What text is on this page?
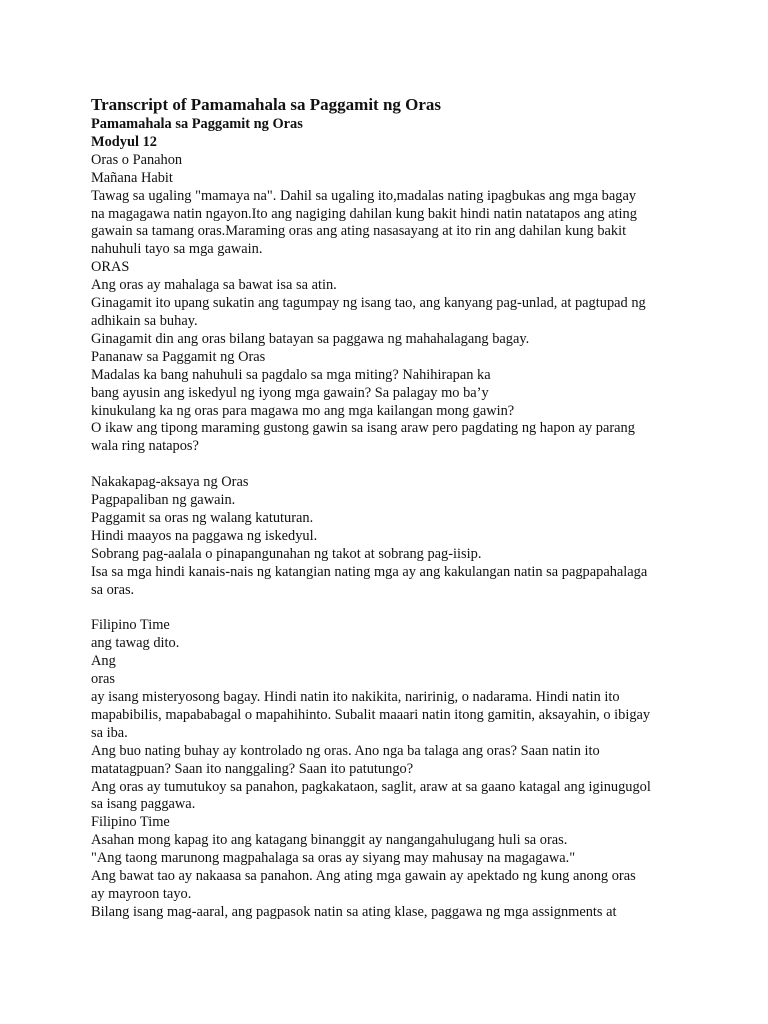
Transcript of Pamamahala sa Paggamit ng Oras
Pamamahala sa Paggamit ng Oras
Modyul 12
Oras o Panahon
Mañana Habit
Tawag sa ugaling "mamaya na". Dahil sa ugaling ito,madalas nating ipagbukas ang mga bagay
na magagawa natin ngayon.Ito ang nagiging dahilan kung bakit hindi natin natatapos ang ating
gawain sa tamang oras.Maraming oras ang ating nasasayang at ito rin ang dahilan kung bakit
nahuhuli tayo sa mga gawain.
ORAS
Ang oras ay mahalaga sa bawat isa sa atin.
Ginagamit ito upang sukatin ang tagumpay ng isang tao, ang kanyang pag-unlad, at pagtupad ng
adhikain sa buhay.
Ginagamit din ang oras bilang batayan sa paggawa ng mahahalagang bagay.
Pananaw sa Paggamit ng Oras
Madalas ka bang nahuhuli sa pagdalo sa mga miting? Nahihirapan ka
bang ayusin ang iskedyul ng iyong mga gawain? Sa palagay mo ba’y
kinukulang ka ng oras para magawa mo ang mga kailangan mong gawin?
O ikaw ang tipong maraming gustong gawin sa isang araw pero pagdating ng hapon ay parang
wala ring natapos?
Nakakapag-aksaya ng Oras
Pagpapaliban ng gawain.
Paggamit sa oras ng walang katuturan.
Hindi maayos na paggawa ng iskedyul.
Sobrang pag-aalala o pinapangunahan ng takot at sobrang pag-iisip.
Isa sa mga hindi kanais-nais ng katangian nating mga ay ang kakulangan natin sa pagpapahalaga
sa oras.
Filipino Time
ang tawag dito.
Ang
oras
ay isang misteryosong bagay. Hindi natin ito nakikita, naririnig, o nadarama. Hindi natin ito
mapabibilis, mapababagal o mapahihinto. Subalit maaari natin itong gamitin, aksayahin, o ibigay
sa iba.
Ang buo nating buhay ay kontrolado ng oras. Ano nga ba talaga ang oras? Saan natin ito
matatagpuan? Saan ito nanggaling? Saan ito patutungo?
Ang oras ay tumutukoy sa panahon, pagkakataon, saglit, araw at sa gaano katagal ang iginugugol
sa isang paggawa.
Filipino Time
Asahan mong kapag ito ang katagang binanggit ay nangangahulugang huli sa oras.
"Ang taong marunong magpahalaga sa oras ay siyang may mahusay na magagawa."
Ang bawat tao ay nakaasa sa panahon. Ang ating mga gawain ay apektado ng kung anong oras
ay mayroon tayo.
Bilang isang mag-aaral, ang pagpasok natin sa ating klase, paggawa ng mga assignments at
